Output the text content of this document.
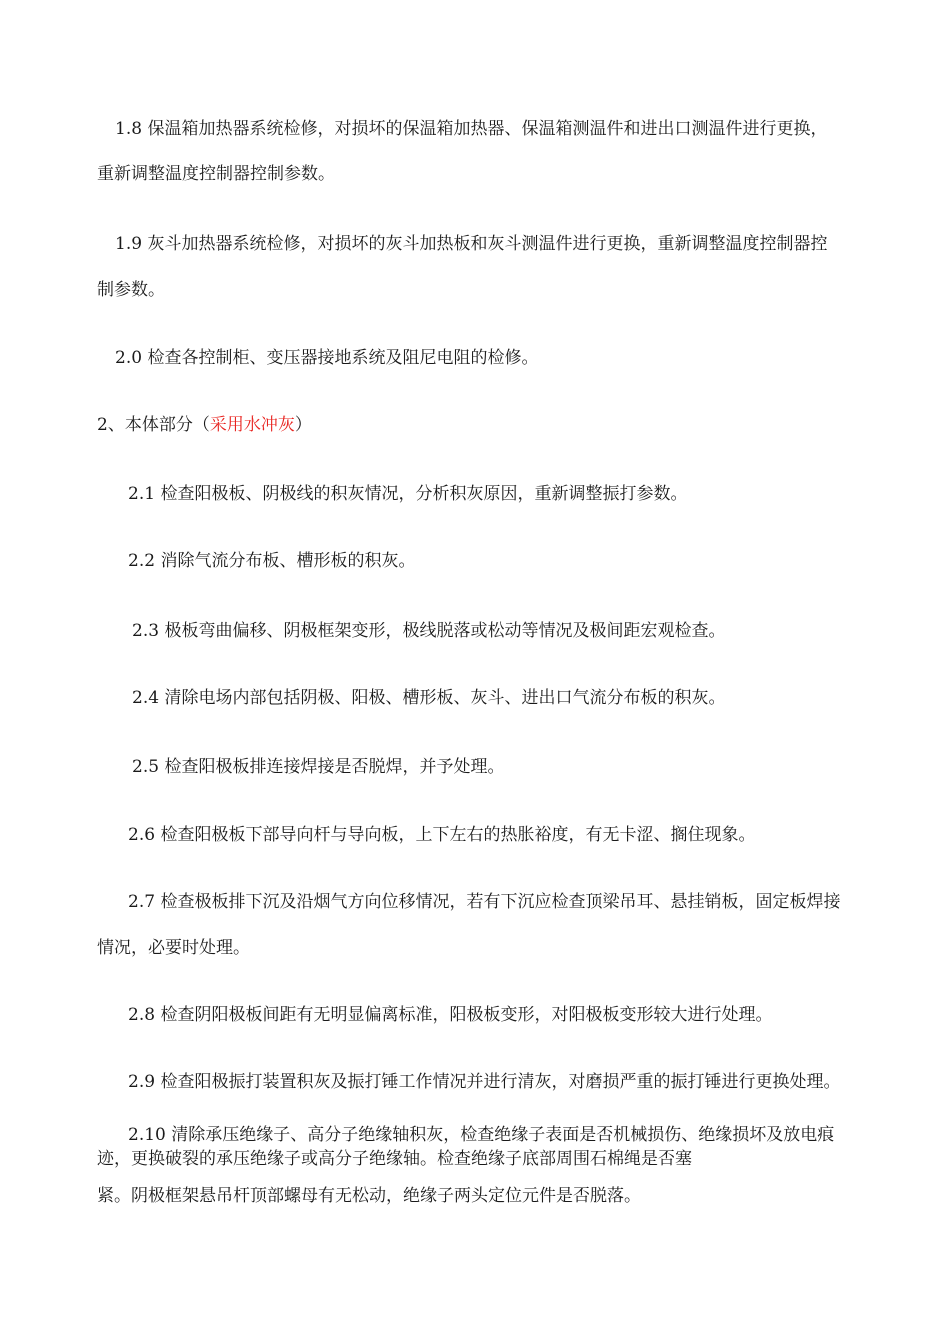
1.8 保温箱加热器系统检修，对损坏的保温箱加热器、保温箱测温件和进出口测温件进行更换，
重新调整温度控制器控制参数。
1.9 灰斗加热器系统检修，对损坏的灰斗加热板和灰斗测温件进行更换，重新调整温度控制器控
制参数。
2.0 检查各控制柜、变压器接地系统及阻尼电阻的检修。
2、本体部分（采用水冲灰）
2.1 检查阳极板、阴极线的积灰情况，分析积灰原因，重新调整振打参数。
2.2 消除气流分布板、槽形板的积灰。
2.3 极板弯曲偏移、阴极框架变形，极线脱落或松动等情况及极间距宏观检查。
2.4 清除电场内部包括阴极、阳极、槽形板、灰斗、进出口气流分布板的积灰。
2.5 检查阳极板排连接焊接是否脱焊，并予处理。
2.6 检查阳极板下部导向杆与导向板，上下左右的热胀裕度，有无卡涩、搁住现象。
2.7 检查极板排下沉及沿烟气方向位移情况，若有下沉应检查顶梁吊耳、悬挂销板，固定板焊接
情况，必要时处理。
2.8 检查阴阳极板间距有无明显偏离标准，阳极板变形，对阳极板变形较大进行处理。
2.9 检查阳极振打装置积灰及振打锤工作情况并进行清灰，对磨损严重的振打锤进行更换处理。
2.10 清除承压绝缘子、高分子绝缘轴积灰，检查绝缘子表面是否机械损伤、绝缘损坏及放电痕
迹，更换破裂的承压绝缘子或高分子绝缘轴。检查绝缘子底部周围石棉绳是否塞
紧。阴极框架悬吊杆顶部螺母有无松动，绝缘子两头定位元件是否脱落。
